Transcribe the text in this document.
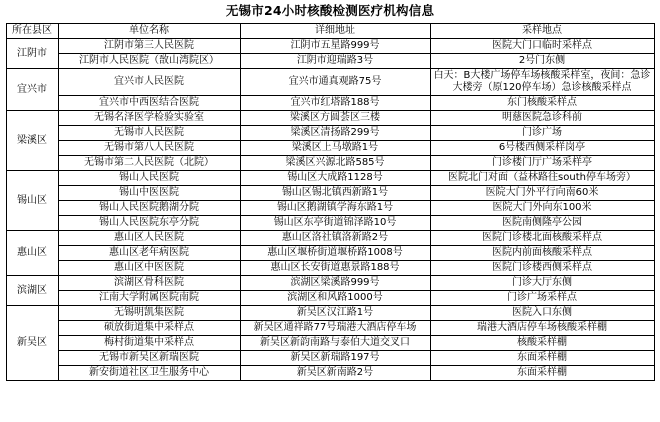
无锡市24小时核酸检测医疗机构信息
所在县区	单位名称	详细地址	采样地点
江阴市	江阴市第三人民医院	江阴市五星路999号	医院大门口临时采样点
	江阴市人民医院（敔山湾院区）	江阴市迎瑞路3号	2号门东侧
宜兴市	宜兴市人民医院	宜兴市通真观路75号	白天：B大楼广场停车场核酸采样室，夜间：急诊大楼旁（原120停车场）急诊核酸采样点
	宜兴市中西医结合医院	宜兴市红塔路188号	东门核酸采样点
梁溪区	无锡名泽医学检验实验室	梁溪区方圆荟区三楼	明慈医院急诊科前
	无锡市人民医院	梁溪区清扬路299号	门诊广场
	无锡市第八人民医院	梁溪区上马墩路1号	6号楼西侧采样岗亭
	无锡市第二人民医院（北院）	梁溪区兴源北路585号	门诊楼门厅广场采样亭
锡山区	锡山人民医院	锡山区大成路1128号	医院北门对面（益林路往south停车场旁）
	锡山中医医院	锡山区锡北镇西新路1号	医院大门外平行向南60米
	锡山人民医院鹅湖分院	锡山区鹅湖镇学海东路1号	医院大门外向东100米
	锡山人民医院东亭分院	锡山区东亭街道锦泽路10号	医院南侧隆亭公园
惠山区	惠山区人民医院	惠山区洛社镇洛新路2号	医院门诊楼北面核酸采样点
	惠山区老年病医院	惠山区堰桥街道堰桥路1008号	医院内前面核酸采样点
	惠山区中医医院	惠山区长安街道惠景路188号	医院门诊楼西侧采样点
滨湖区	滨湖区骨科医院	滨湖区梁溪路999号	门诊大厅东侧
	江南大学附属医院南院	滨湖区和风路1000号	门诊广场采样点
新吴区	无锡明凯集医院	新吴区汉江路1号	医院入口东侧
	硕放街道集中采样点	新吴区通祥路77号瑞港大酒店停车场	瑞港大酒店停车场核酸采样棚
	梅村街道集中采样点	新吴区新韵南路与泰伯大道交叉口	核酸采样棚
	无锡市新吴区新瑞医院	新吴区新瑞路197号	东面采样棚
	新安街道社区卫生服务中心	新吴区新南路2号	东面采样棚
